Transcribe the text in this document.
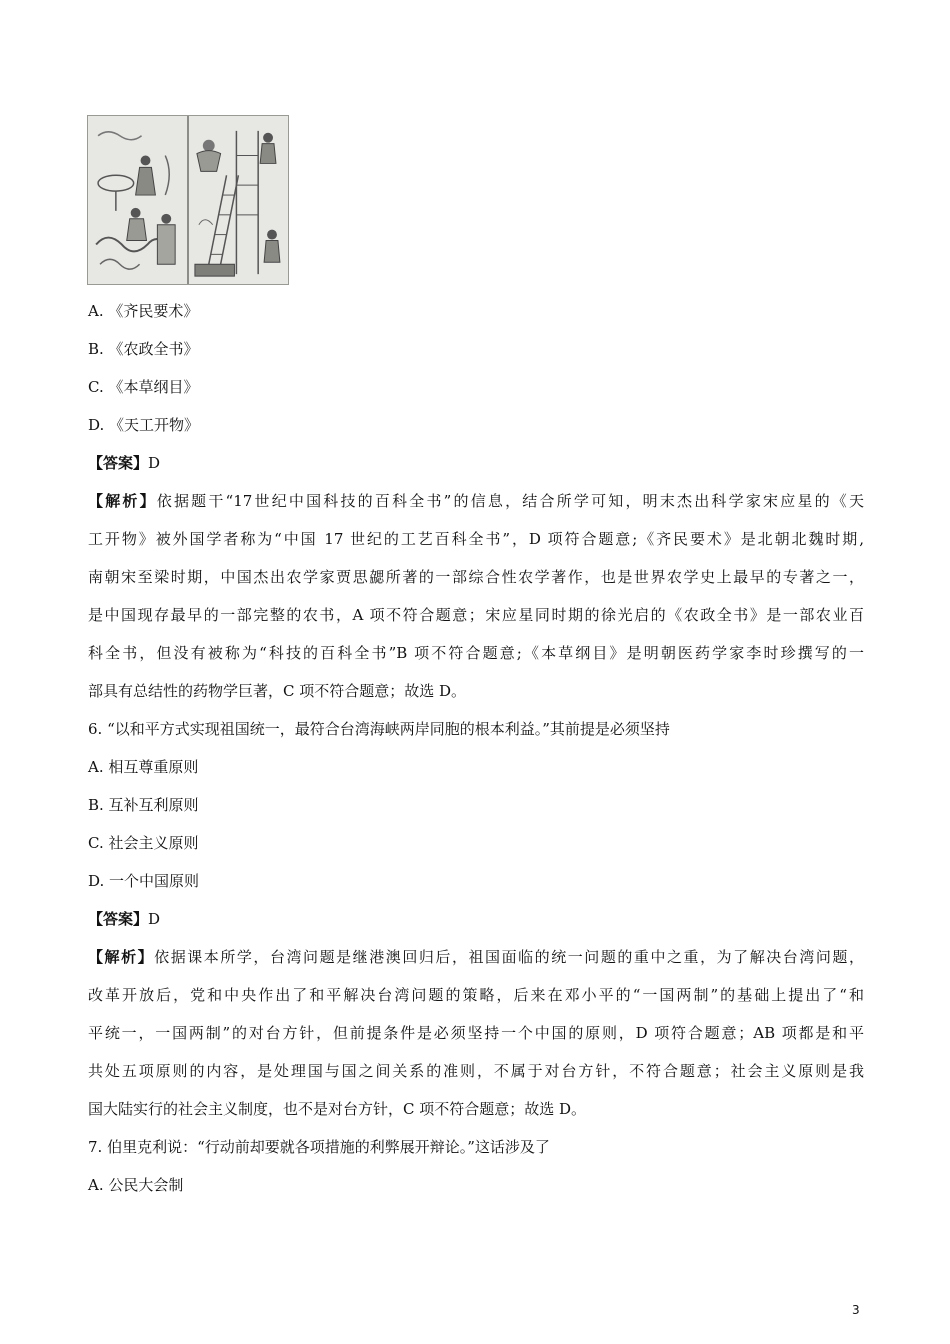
A. 《齐民要术》
B. 《农政全书》
C. 《本草纲目》
D. 《天工开物》
【答案】D
【解析】依据题干“17世纪中国科技的百科全书”的信息，结合所学可知，明末杰出科学家宋应星的《天
工开物》被外国学者称为“中国 17 世纪的工艺百科全书”，D 项符合题意;《齐民要术》是北朝北魏时期,
南朝宋至梁时期，中国杰出农学家贾思勰所著的一部综合性农学著作，也是世界农学史上最早的专著之一，
是中国现存最早的一部完整的农书，A 项不符合题意；宋应星同时期的徐光启的《农政全书》是一部农业百
科全书，但没有被称为“科技的百科全书”B 项不符合题意;《本草纲目》是明朝医药学家李时珍撰写的一
部具有总结性的药物学巨著，C 项不符合题意；故选 D。
6. “以和平方式实现祖国统一，最符合台湾海峡两岸同胞的根本利益。”其前提是必须坚持
A. 相互尊重原则
B. 互补互利原则
C. 社会主义原则
D. 一个中国原则
【答案】D
【解析】依据课本所学，台湾问题是继港澳回归后，祖国面临的统一问题的重中之重，为了解决台湾问题，
改革开放后，党和中央作出了和平解决台湾问题的策略，后来在邓小平的“一国两制”的基础上提出了“和
平统一，一国两制”的对台方针，但前提条件是必须坚持一个中国的原则，D 项符合题意；AB 项都是和平
共处五项原则的内容，是处理国与国之间关系的准则，不属于对台方针，不符合题意；社会主义原则是我
国大陆实行的社会主义制度，也不是对台方针，C 项不符合题意；故选 D。
7. 伯里克利说：“行动前却要就各项措施的利弊展开辩论。”这话涉及了
A. 公民大会制
3
